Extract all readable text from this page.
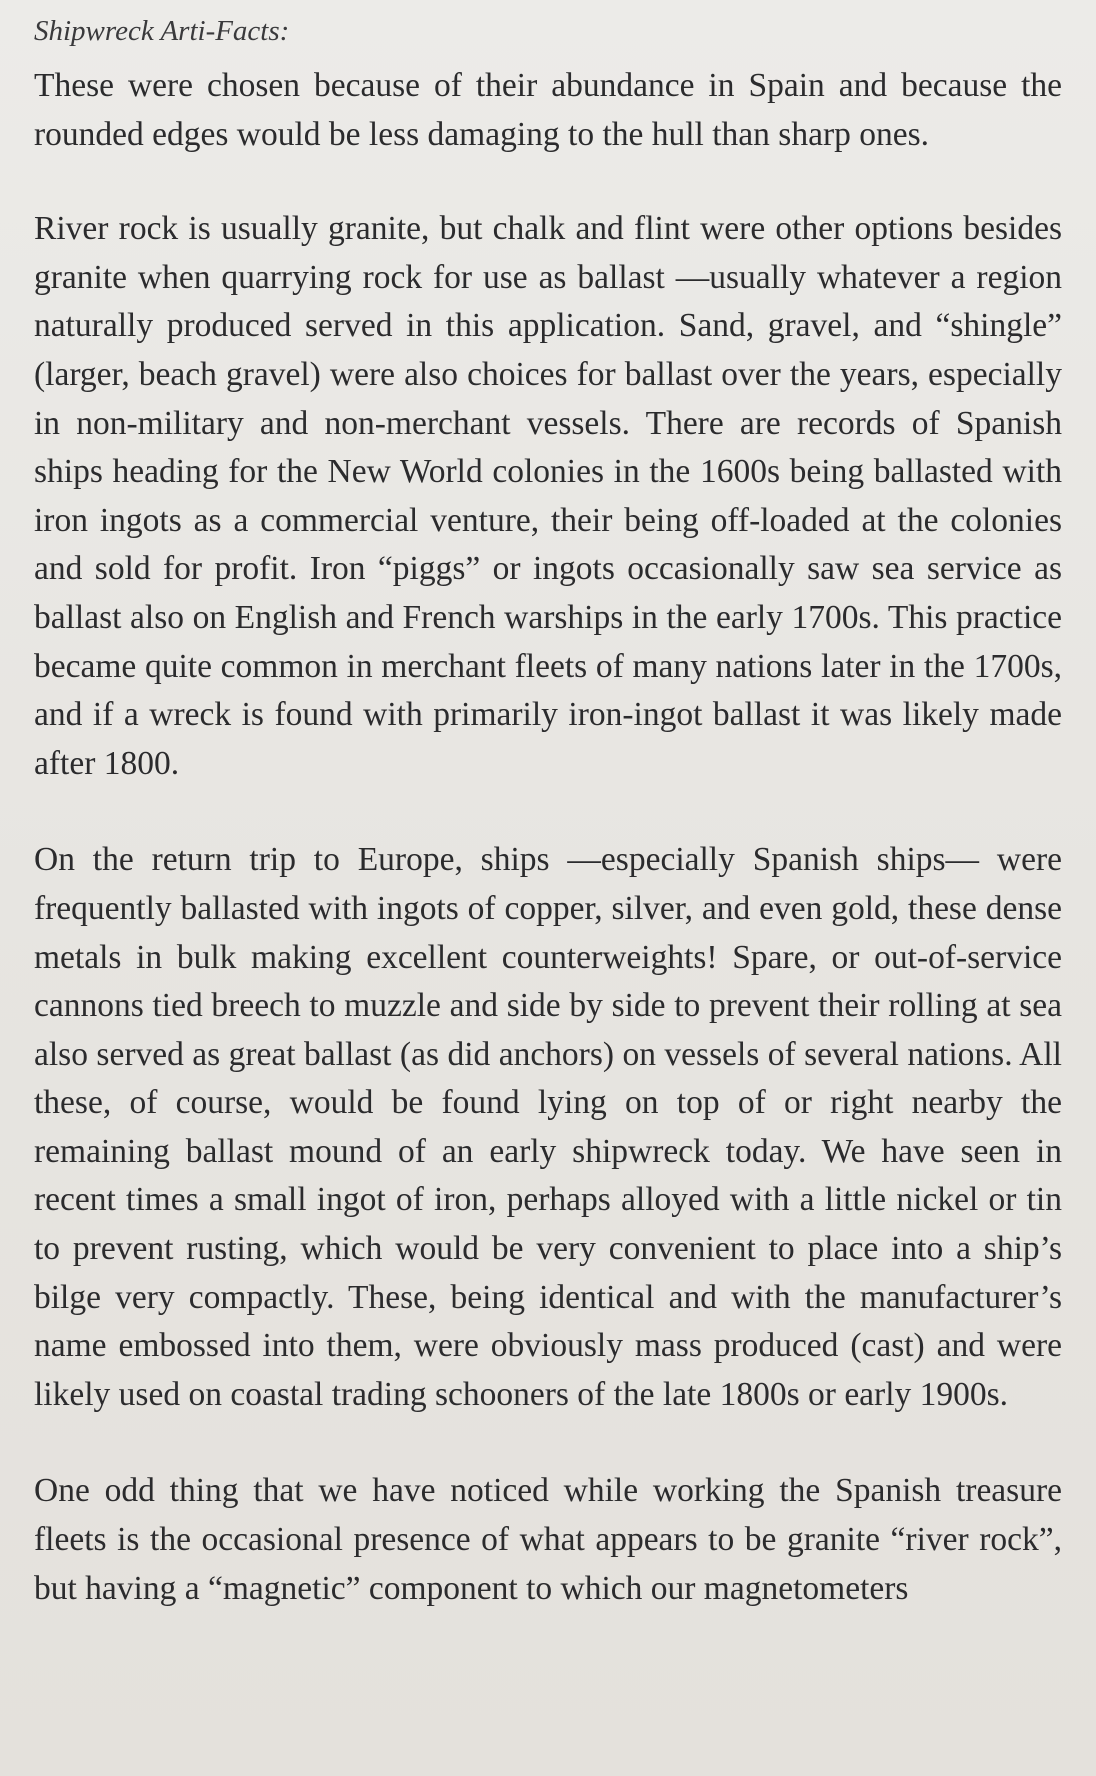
Shipwreck Arti-Facts:

These were chosen because of their abundance in Spain and because the rounded edges would be less damaging to the hull than sharp ones.

River rock is usually granite, but chalk and flint were other options besides granite when quarrying rock for use as ballast —usually whatever a region naturally produced served in this application. Sand, gravel, and “shingle” (larger, beach gravel) were also choices for ballast over the years, especially in non-military and non-merchant vessels. There are records of Spanish ships heading for the New World colonies in the 1600s being ballasted with iron ingots as a commercial venture, their being off-loaded at the colonies and sold for profit. Iron “piggs” or ingots occasionally saw sea service as ballast also on English and French warships in the early 1700s. This practice became quite common in merchant fleets of many nations later in the 1700s, and if a wreck is found with primarily iron-ingot ballast it was likely made after 1800.

On the return trip to Europe, ships —especially Spanish ships— were frequently ballasted with ingots of copper, silver, and even gold, these dense metals in bulk making excellent counterweights! Spare, or out-of-service cannons tied breech to muzzle and side by side to prevent their rolling at sea also served as great ballast (as did anchors) on vessels of several nations. All these, of course, would be found lying on top of or right nearby the remaining ballast mound of an early shipwreck today. We have seen in recent times a small ingot of iron, perhaps alloyed with a little nickel or tin to prevent rusting, which would be very convenient to place into a ship’s bilge very compactly. These, being identical and with the manufacturer’s name embossed into them, were obviously mass produced (cast) and were likely used on coastal trading schooners of the late 1800s or early 1900s.

One odd thing that we have noticed while working the Spanish treasure fleets is the occasional presence of what appears to be granite “river rock”, but having a “magnetic” component to which our magnetometers
